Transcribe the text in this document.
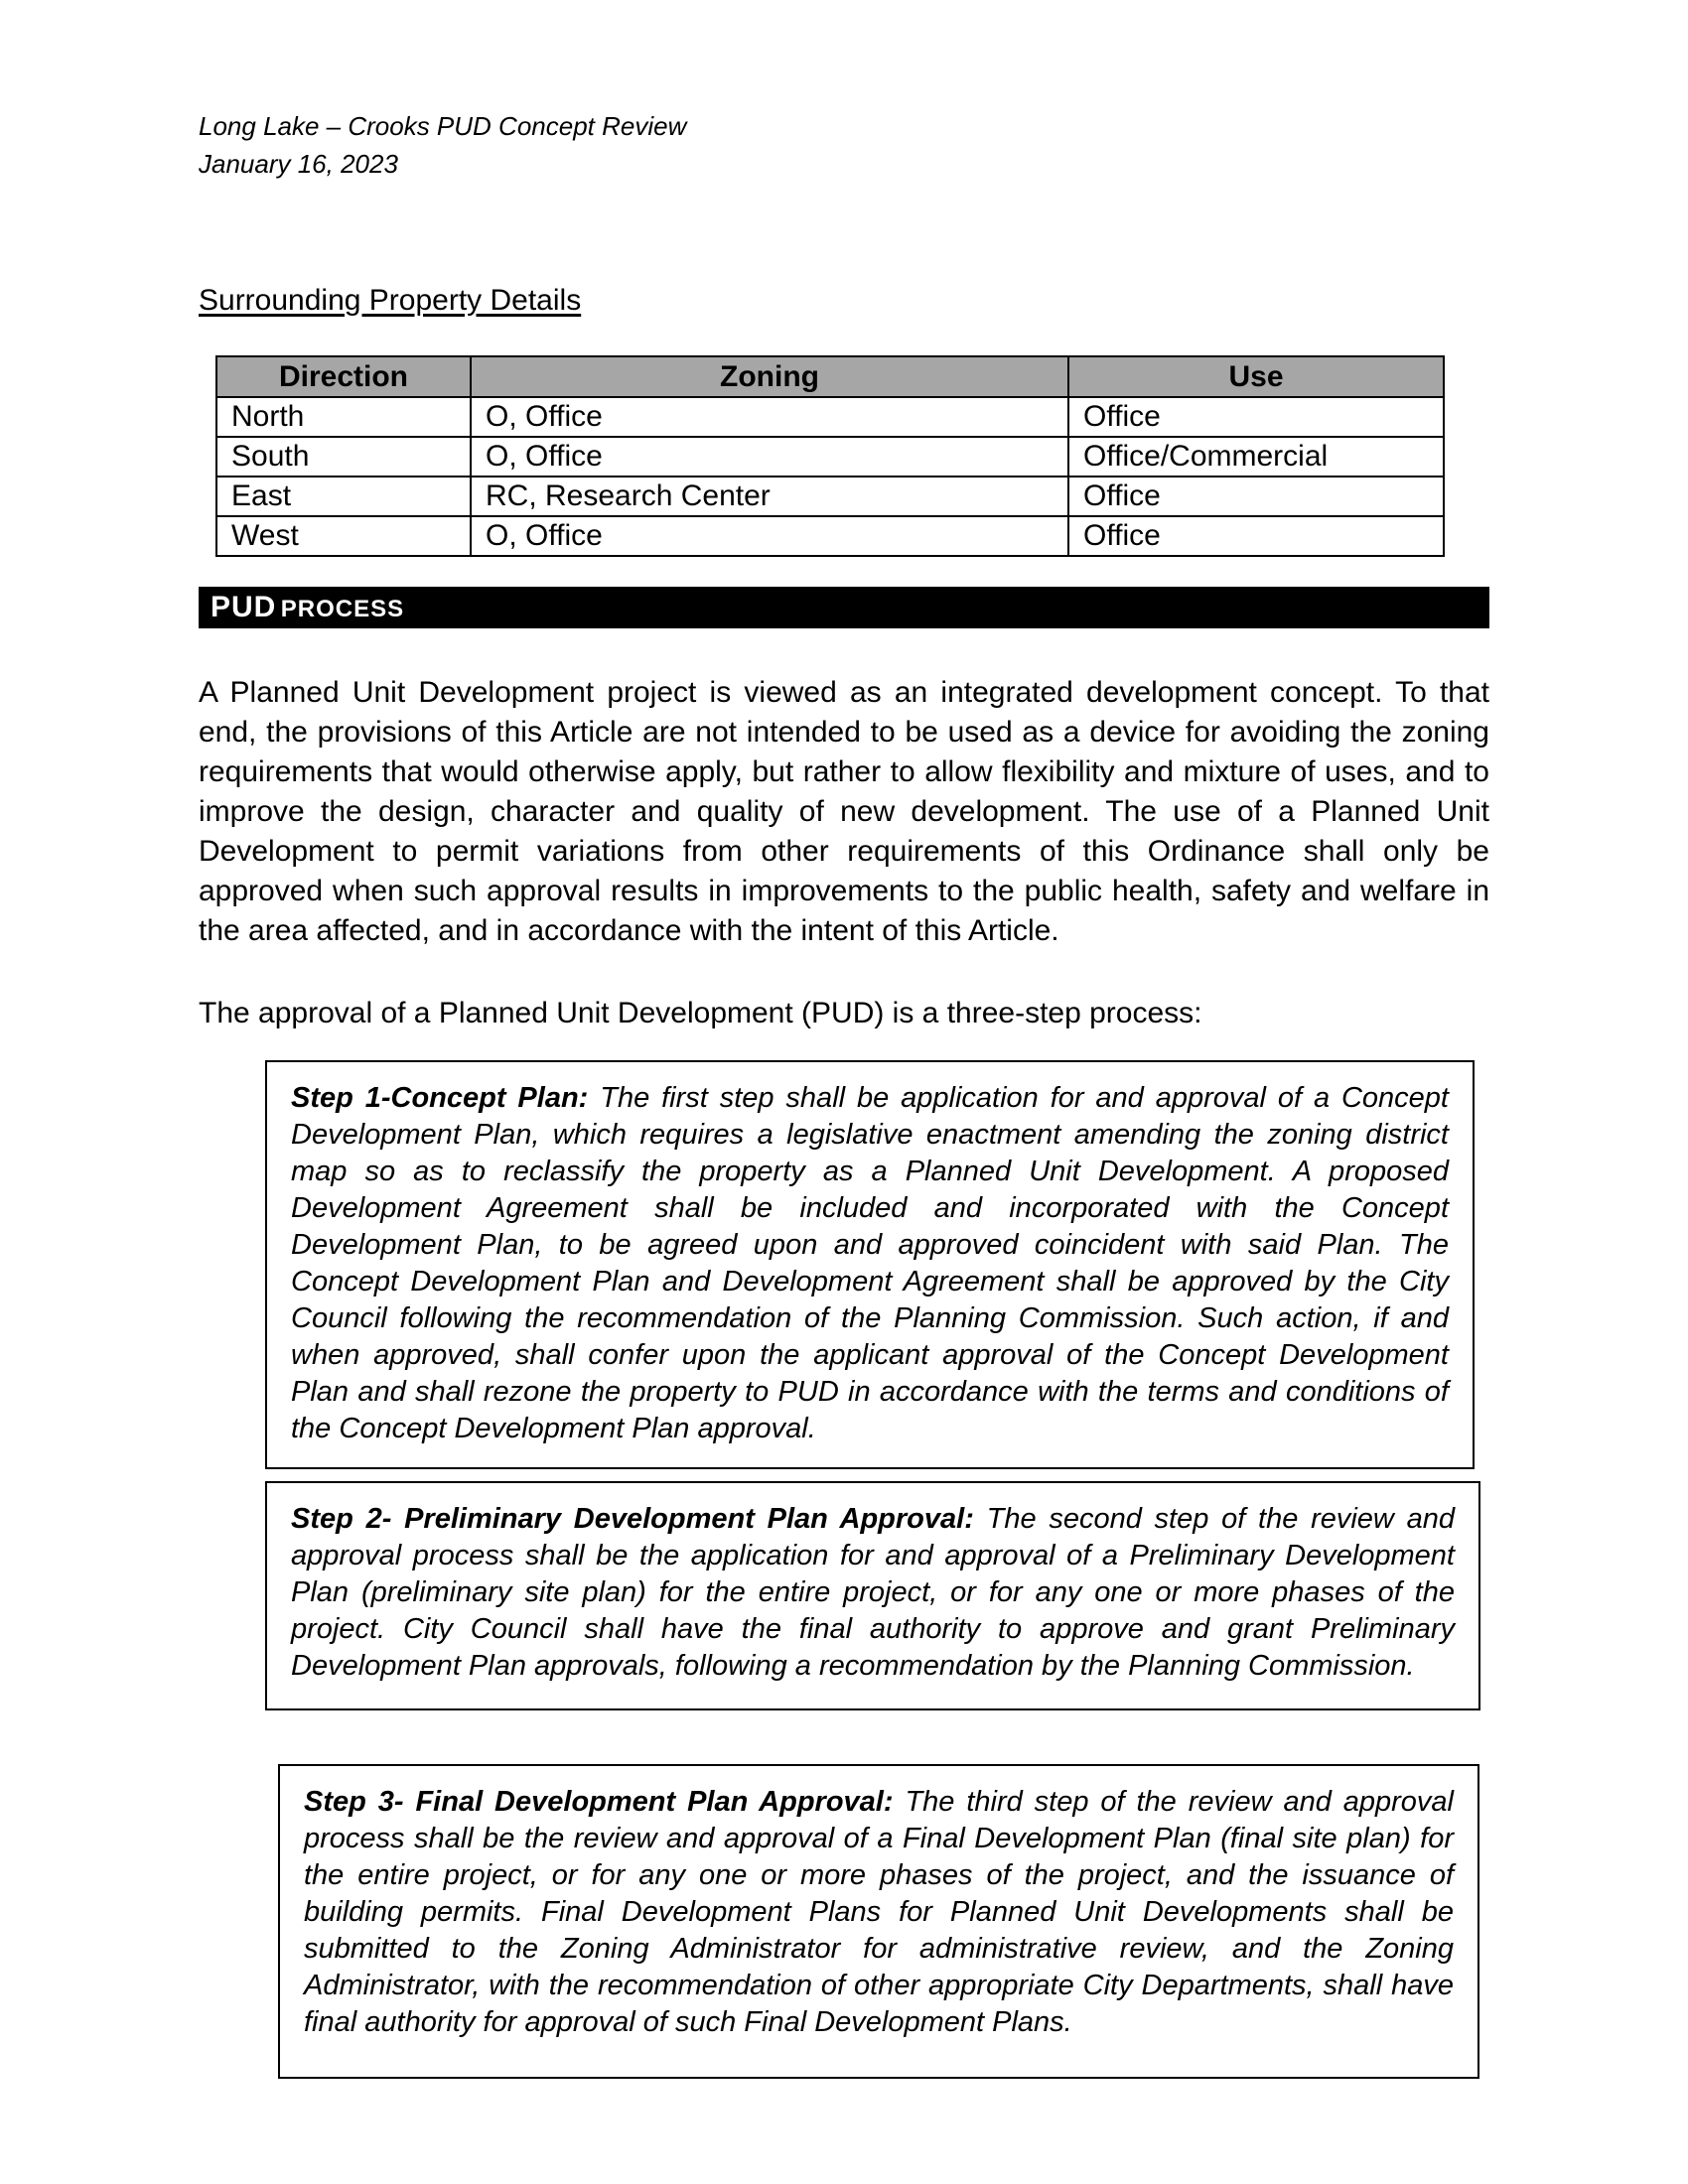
Long Lake – Crooks PUD Concept Review
January 16, 2023
Surrounding Property Details
Direction	Zoning	Use
North	O, Office	Office
South	O, Office	Office/Commercial
East	RC, Research Center	Office
West	O, Office	Office
PUD PROCESS

A Planned Unit Development project is viewed as an integrated development concept. To that end, the provisions of this Article are not intended to be used as a device for avoiding the zoning requirements that would otherwise apply, but rather to allow flexibility and mixture of uses, and to improve the design, character and quality of new development. The use of a Planned Unit Development to permit variations from other requirements of this Ordinance shall only be approved when such approval results in improvements to the public health, safety and welfare in the area affected, and in accordance with the intent of this Article.

The approval of a Planned Unit Development (PUD) is a three-step process:

Step 1-Concept Plan: The first step shall be application for and approval of a Concept Development Plan, which requires a legislative enactment amending the zoning district map so as to reclassify the property as a Planned Unit Development. A proposed Development Agreement shall be included and incorporated with the Concept Development Plan, to be agreed upon and approved coincident with said Plan. The Concept Development Plan and Development Agreement shall be approved by the City Council following the recommendation of the Planning Commission. Such action, if and when approved, shall confer upon the applicant approval of the Concept Development Plan and shall rezone the property to PUD in accordance with the terms and conditions of the Concept Development Plan approval.
Step 2- Preliminary Development Plan Approval: The second step of the review and approval process shall be the application for and approval of a Preliminary Development Plan (preliminary site plan) for the entire project, or for any one or more phases of the project. City Council shall have the final authority to approve and grant Preliminary Development Plan approvals, following a recommendation by the Planning Commission.
Step 3- Final Development Plan Approval: The third step of the review and approval process shall be the review and approval of a Final Development Plan (final site plan) for the entire project, or for any one or more phases of the project, and the issuance of building permits. Final Development Plans for Planned Unit Developments shall be submitted to the Zoning Administrator for administrative review, and the Zoning Administrator, with the recommendation of other appropriate City Departments, shall have final authority for approval of such Final Development Plans.
